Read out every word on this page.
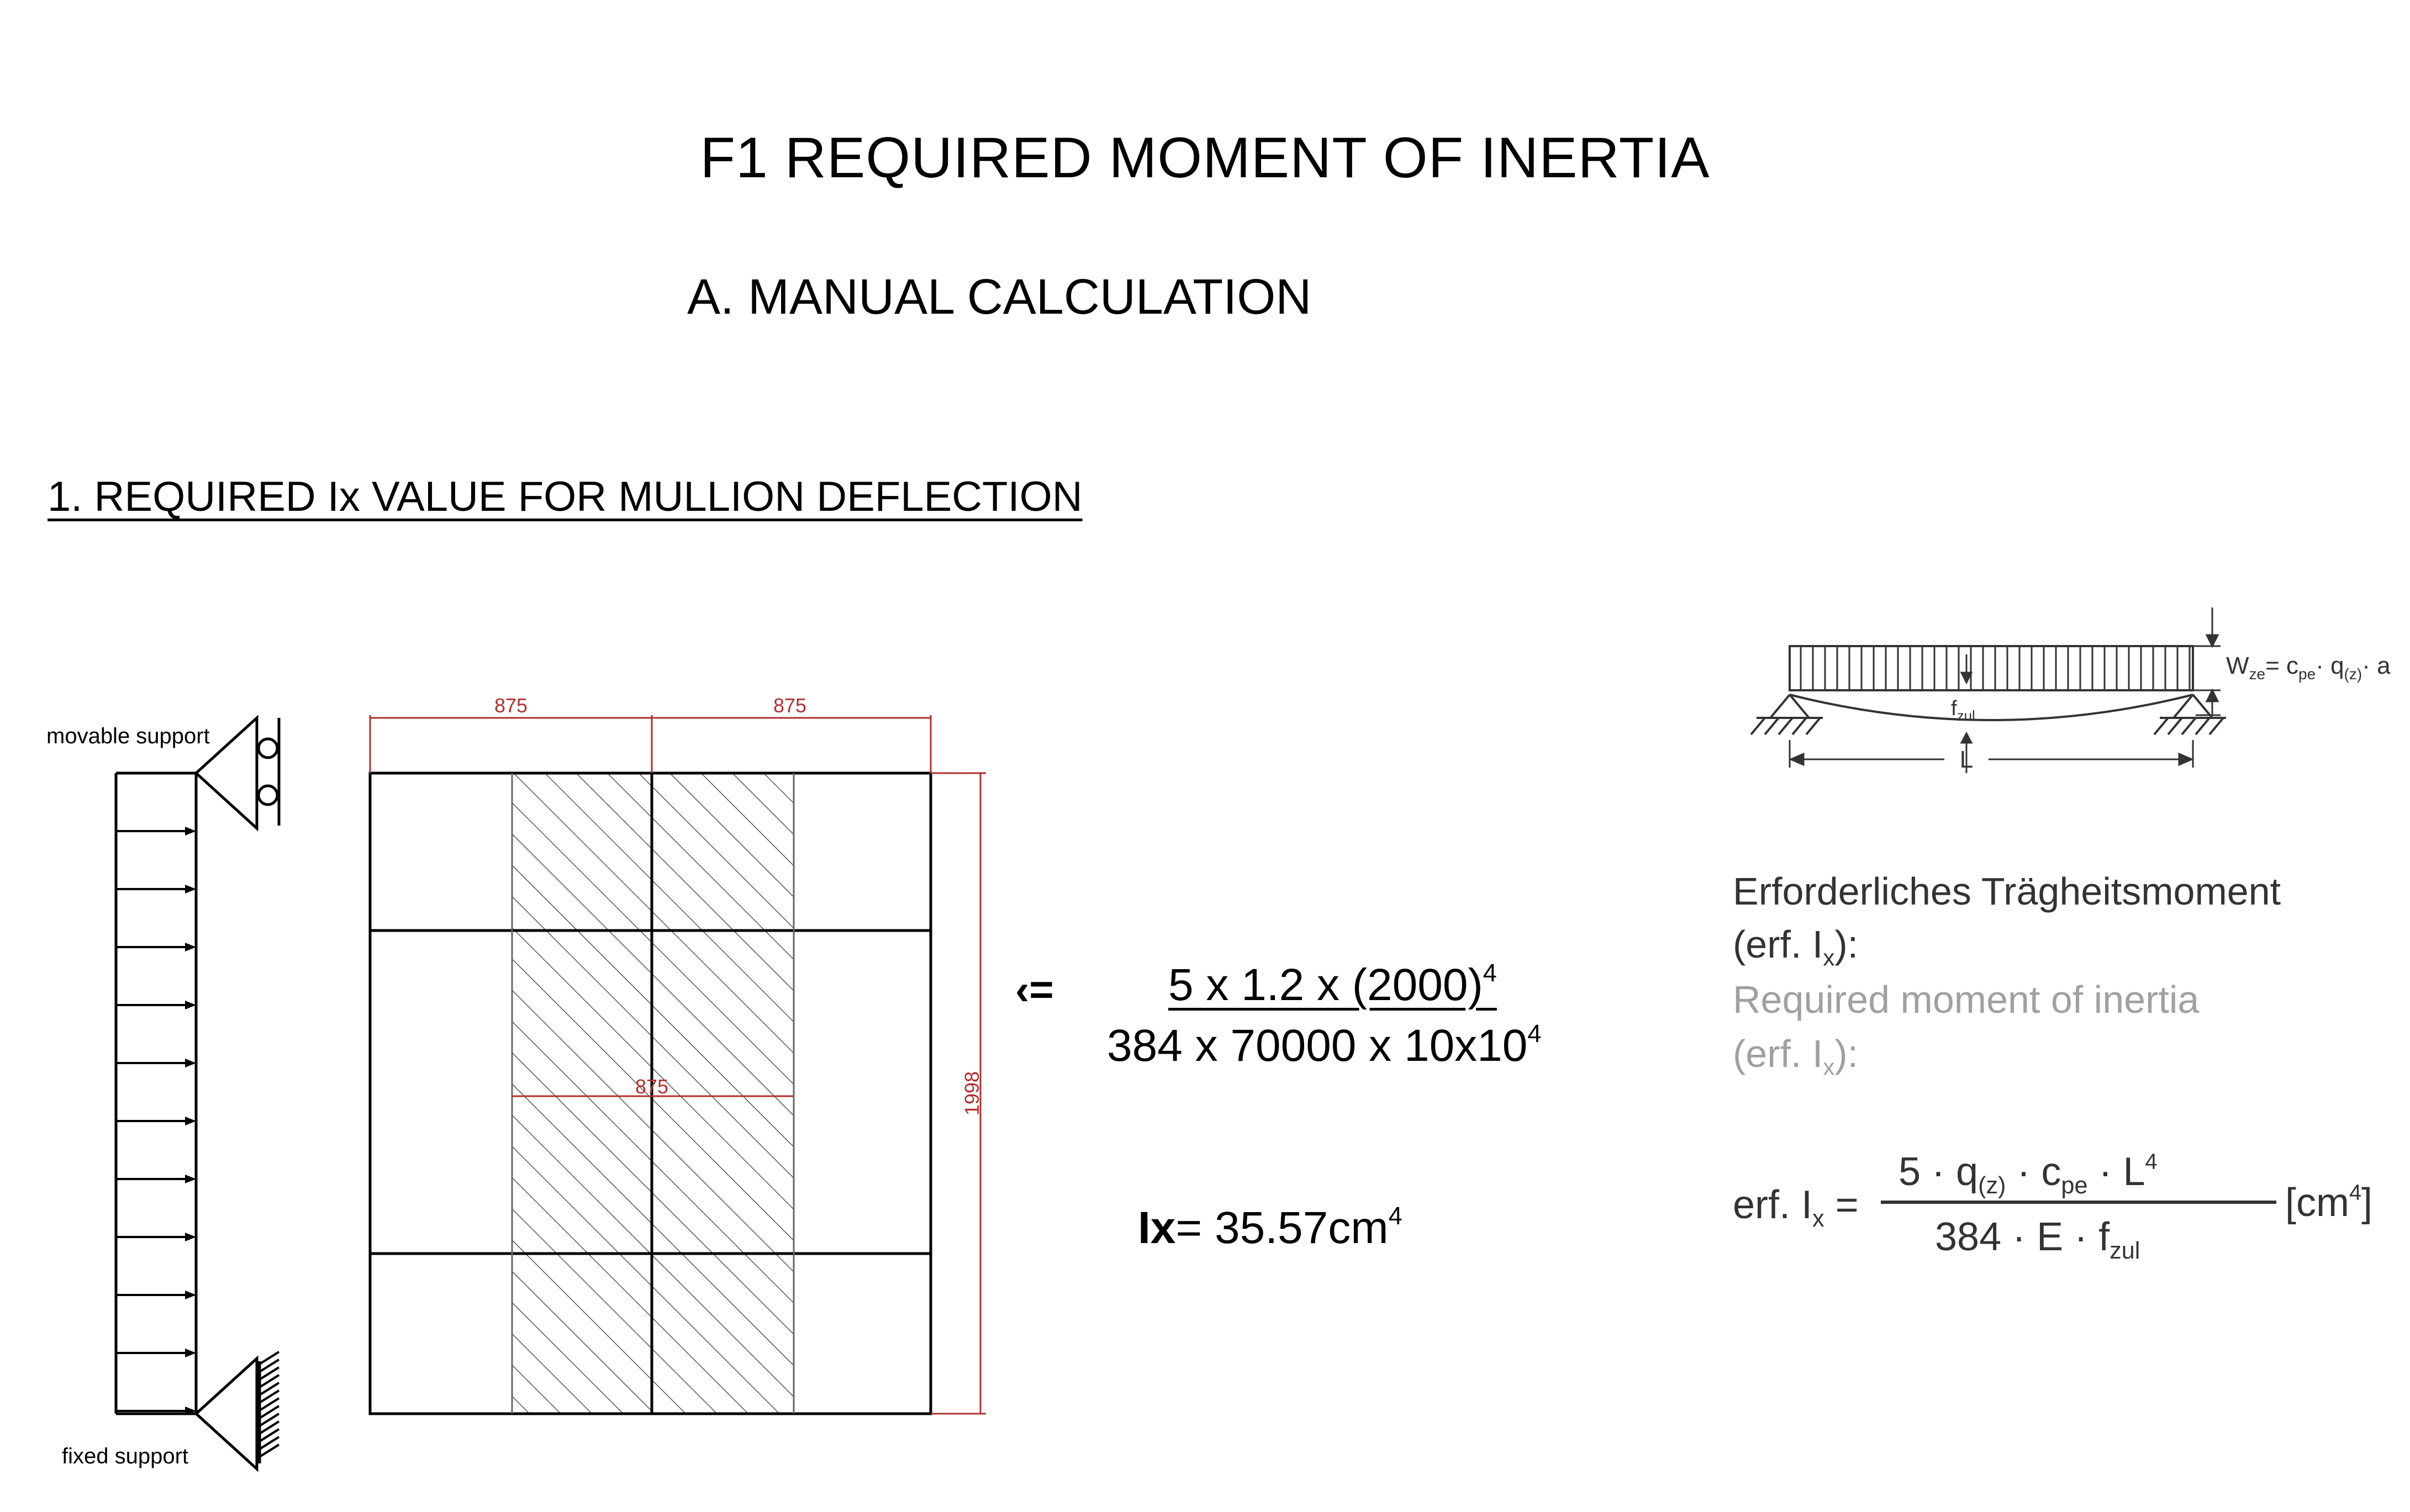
F1 REQUIRED MOMENT OF INERTIA
A. MANUAL CALCULATION
1. REQUIRED Ix VALUE FOR MULLION DEFLECTION
movable support
fixed support
875	875
875	1998
‹=	5 x 1.2 x $(2000)^4$
384 x 70000 x $10x10^4$
$Ix= 35.57cm^4$
$W_{ze}= c_{pe}\cdot q_{(z)}\cdot a$
$f_{zul}$
L
Erforderliches Trägheitsmoment
(erf. $I_x$):
Required moment of inertia
(erf. $I_x$):
erf. $I_x$ =
$5 \cdot q_{(z)} \cdot c_{pe} \cdot L^4$
$384 \cdot E \cdot f_{zul}$
$[cm^4]$
